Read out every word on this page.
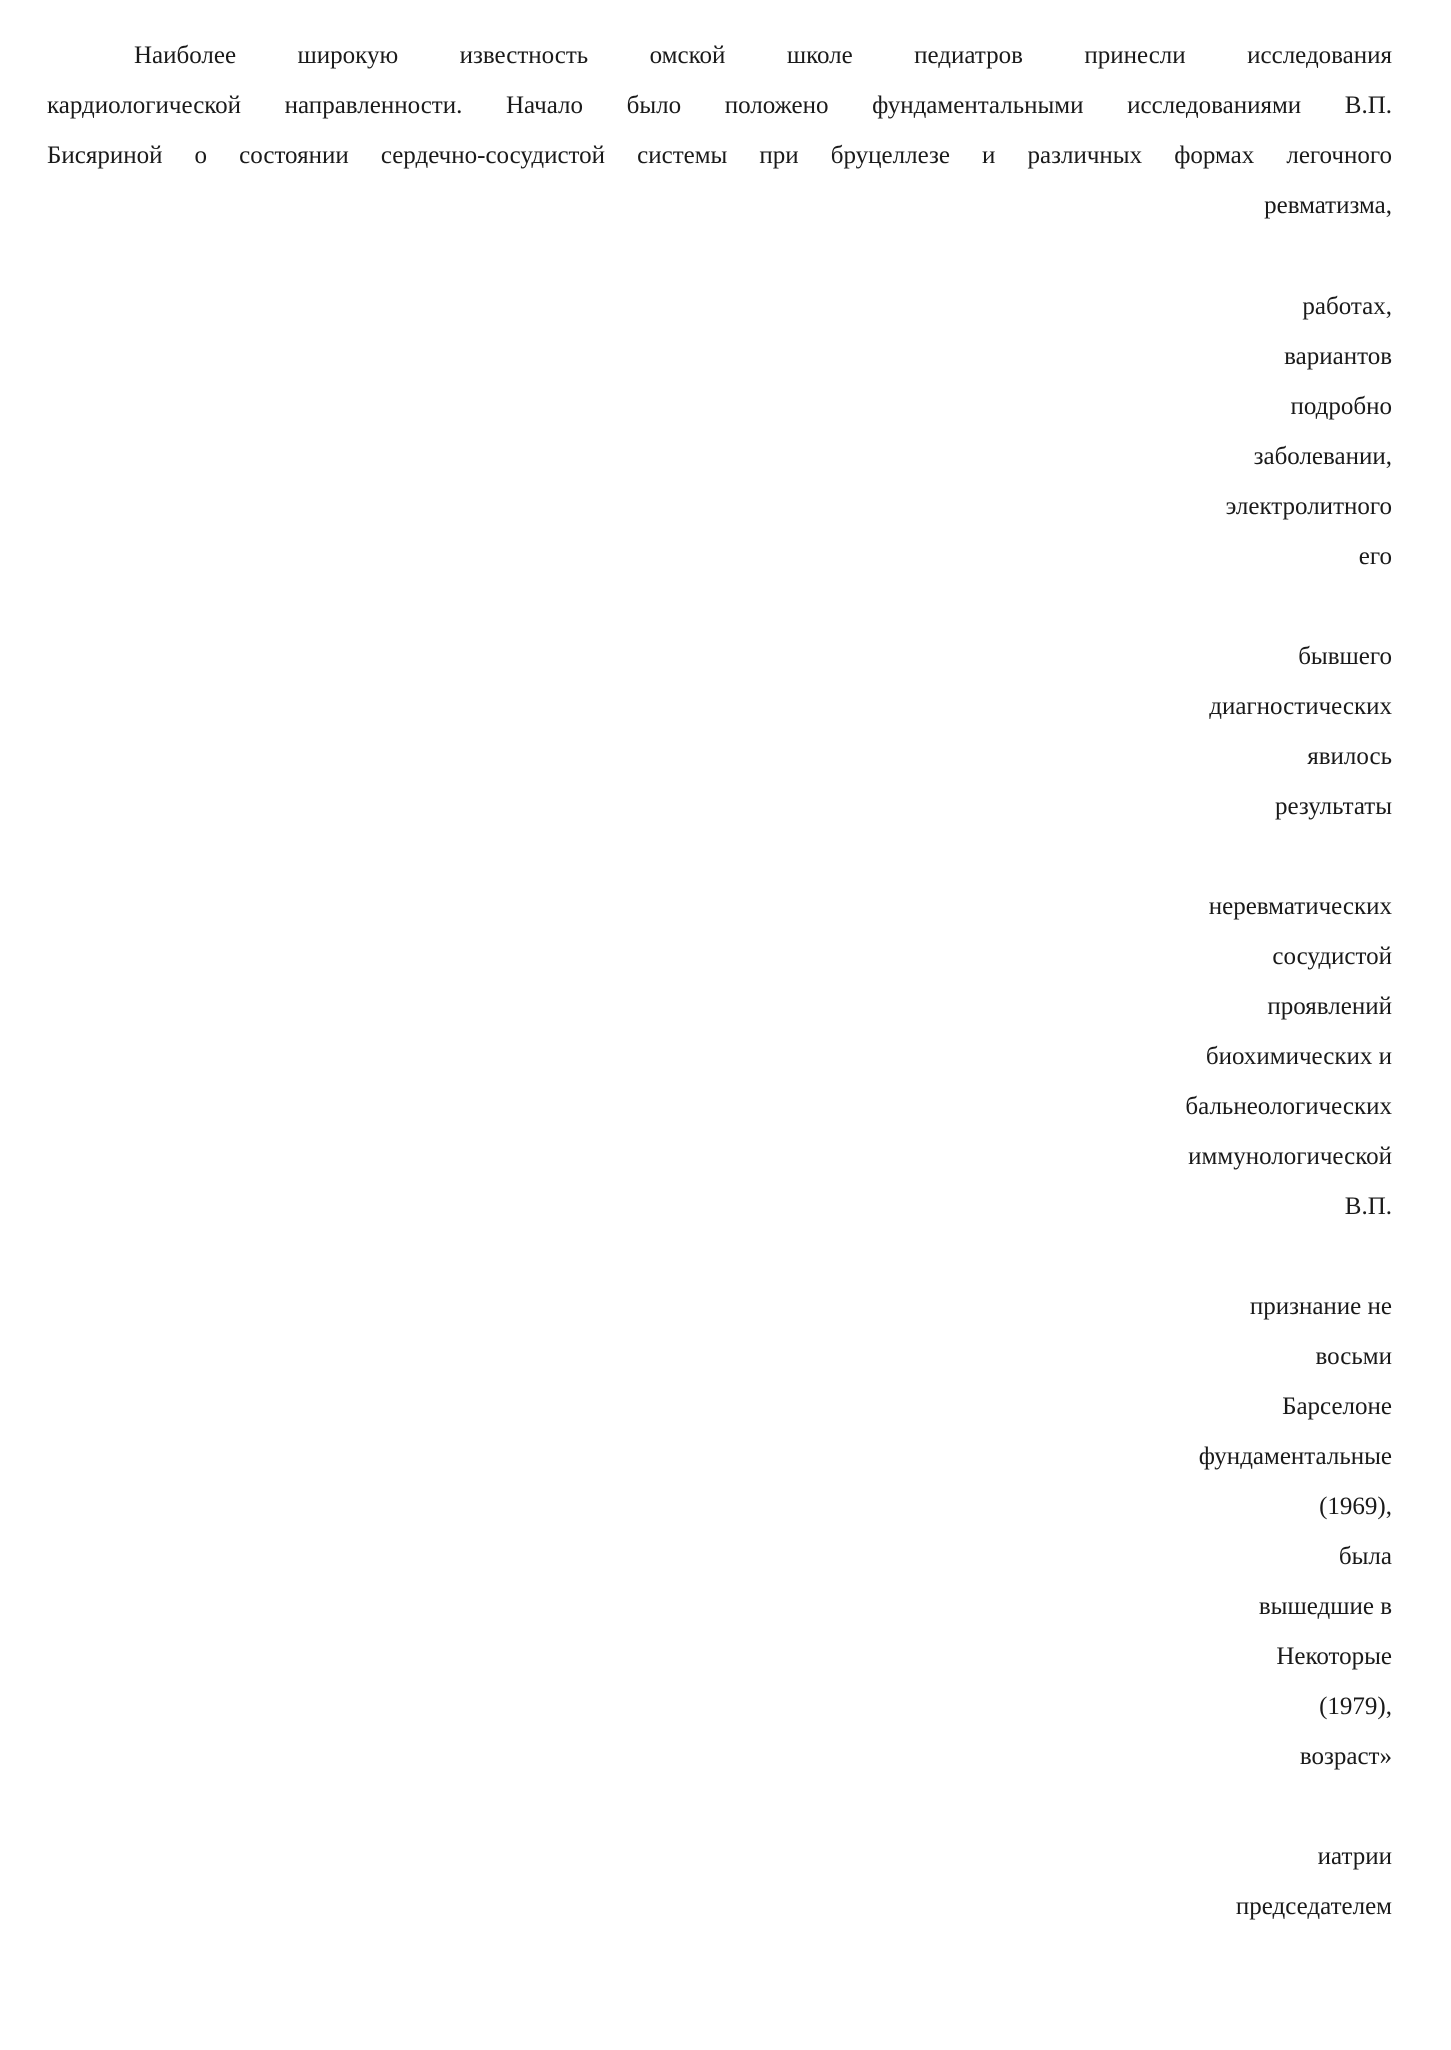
Наиболее широкую известность омской школе педиатров принесли исследования
кардиологической направленности. Начало было положено фундаментальными исследованиями В.П.
Бисяриной о состоянии сердечно-сосудистой системы при бруцеллезе и различных формах легочного
ревматизма,
работах,
вариантов
подробно
заболевании,
электролитного
его
бывшего
диагностических
явилось
результаты
неревматических
сосудистой
проявлений
биохимических и
бальнеологических
иммунологической
В.П.
признание не
восьми
Барселоне
фундаментальные
(1969),
была
вышедшие в
Некоторые
(1979),
возраст»
иатрии
председателем
